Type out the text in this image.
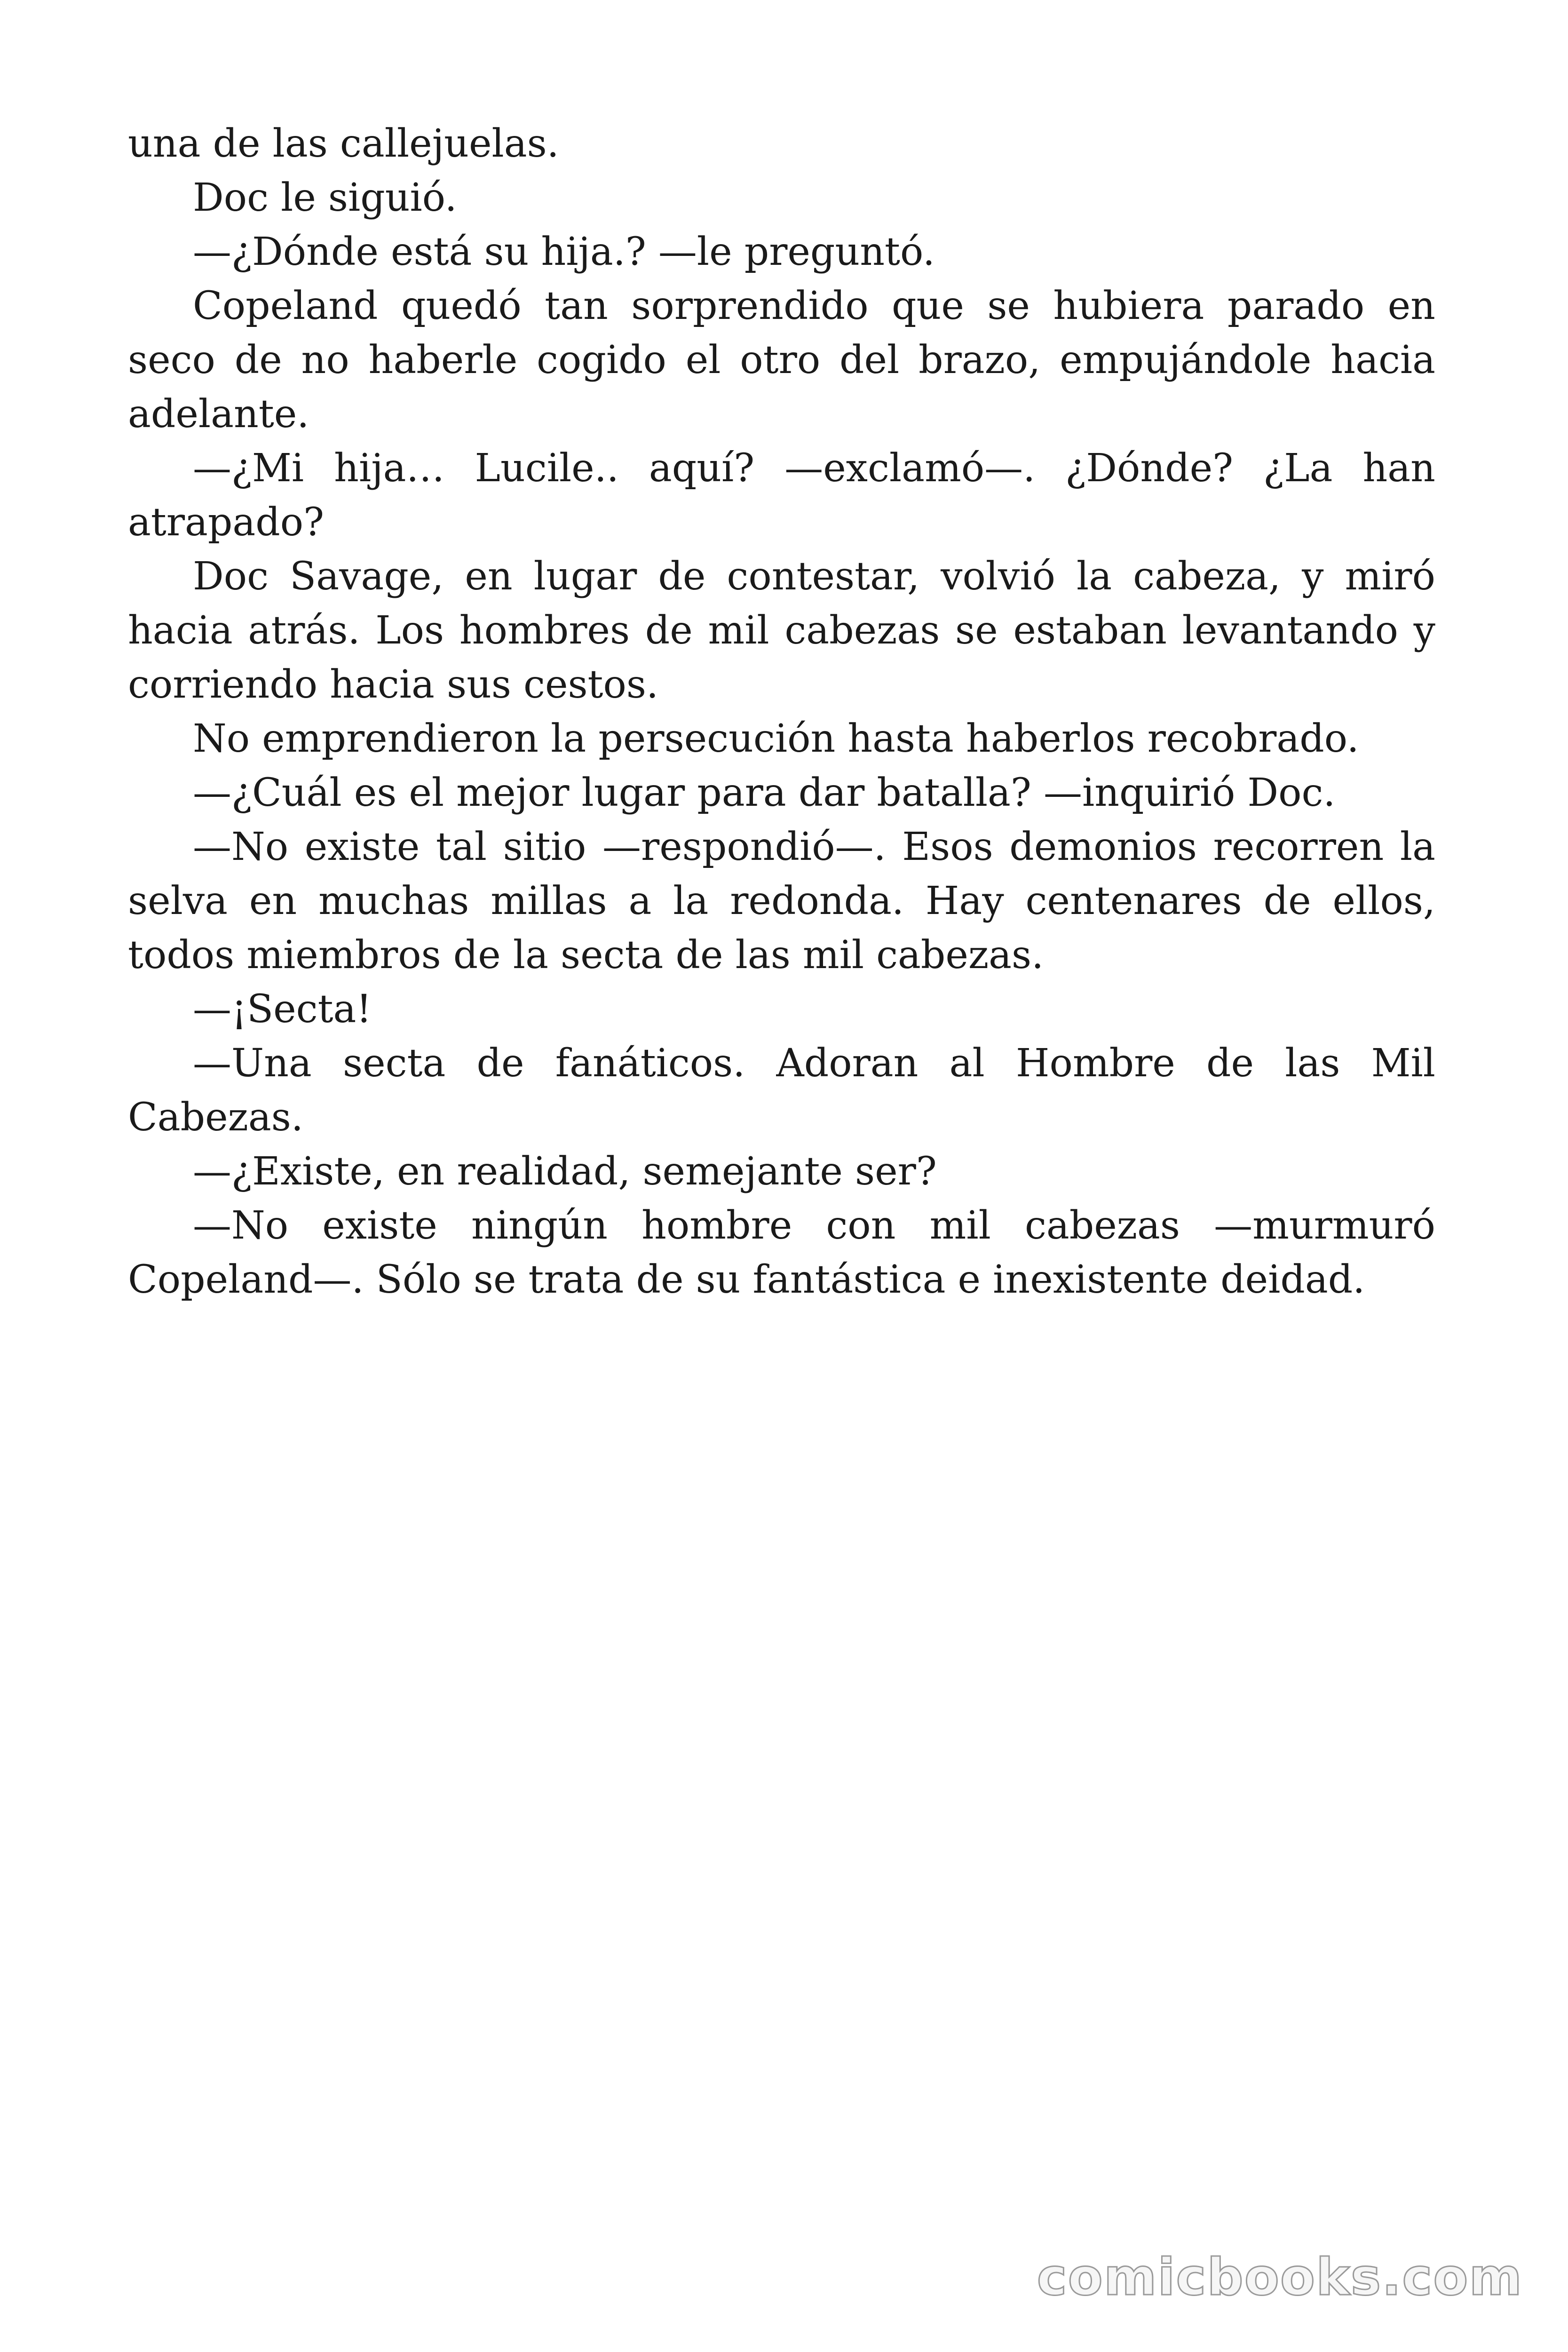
una de las callejuelas.

Doc le siguió.

—¿Dónde está su hija.? —le preguntó.

Copeland quedó tan sorprendido que se hubiera parado en seco de no haberle cogido el otro del brazo, empujándole hacia adelante.

—¿Mi hija… Lucile.. aquí? —exclamó—. ¿Dónde? ¿La han atrapado?

Doc Savage, en lugar de contestar, volvió la cabeza, y miró hacia atrás. Los hombres de mil cabezas se estaban levantando y corriendo hacia sus cestos.

No emprendieron la persecución hasta haberlos recobrado.

—¿Cuál es el mejor lugar para dar batalla? —inquirió Doc.

—No existe tal sitio —respondió—. Esos demonios recorren la selva en muchas millas a la redonda. Hay centenares de ellos, todos miembros de la secta de las mil cabezas.

—¡Secta!

—Una secta de fanáticos. Adoran al Hombre de las Mil Cabezas.

—¿Existe, en realidad, semejante ser?

—No existe ningún hombre con mil cabezas —murmuró Copeland—. Sólo se trata de su fantástica e inexistente deidad.

comicbooks.com
